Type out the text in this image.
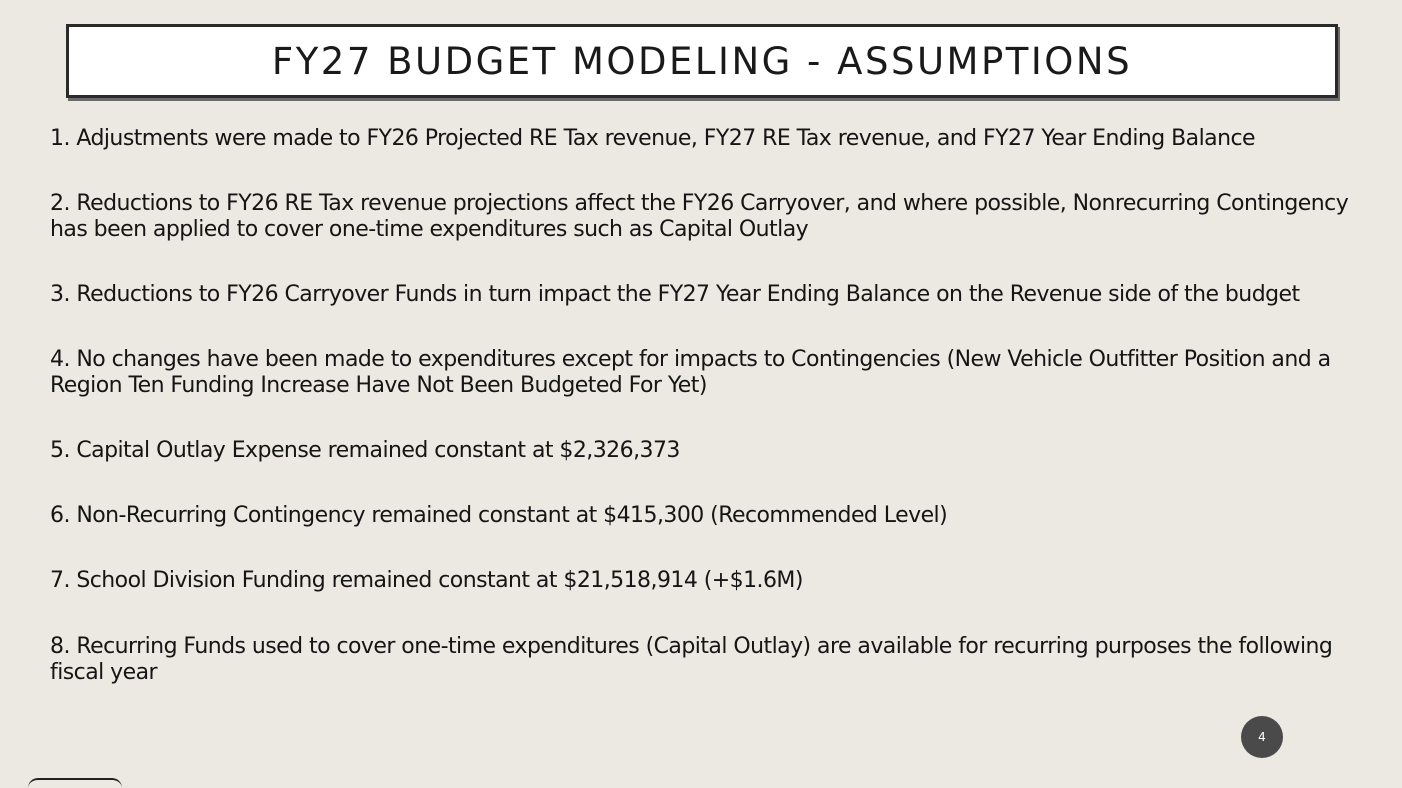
FY27 BUDGET MODELING - ASSUMPTIONS
1. Adjustments were made to FY26 Projected RE Tax revenue, FY27 RE Tax revenue, and FY27 Year Ending Balance
2. Reductions to FY26 RE Tax revenue projections affect the FY26 Carryover, and where possible, Nonrecurring Contingency has been applied to cover one-time expenditures such as Capital Outlay
3. Reductions to FY26 Carryover Funds in turn impact the FY27 Year Ending Balance on the Revenue side of the budget
4. No changes have been made to expenditures except for impacts to Contingencies (New Vehicle Outfitter Position and a Region Ten Funding Increase Have Not Been Budgeted For Yet)
5. Capital Outlay Expense remained constant at $2,326,373
6. Non-Recurring Contingency remained constant at $415,300 (Recommended Level)
7. School Division Funding remained constant at $21,518,914 (+$1.6M)
8. Recurring Funds used to cover one-time expenditures (Capital Outlay) are available for recurring purposes the following fiscal year
4
